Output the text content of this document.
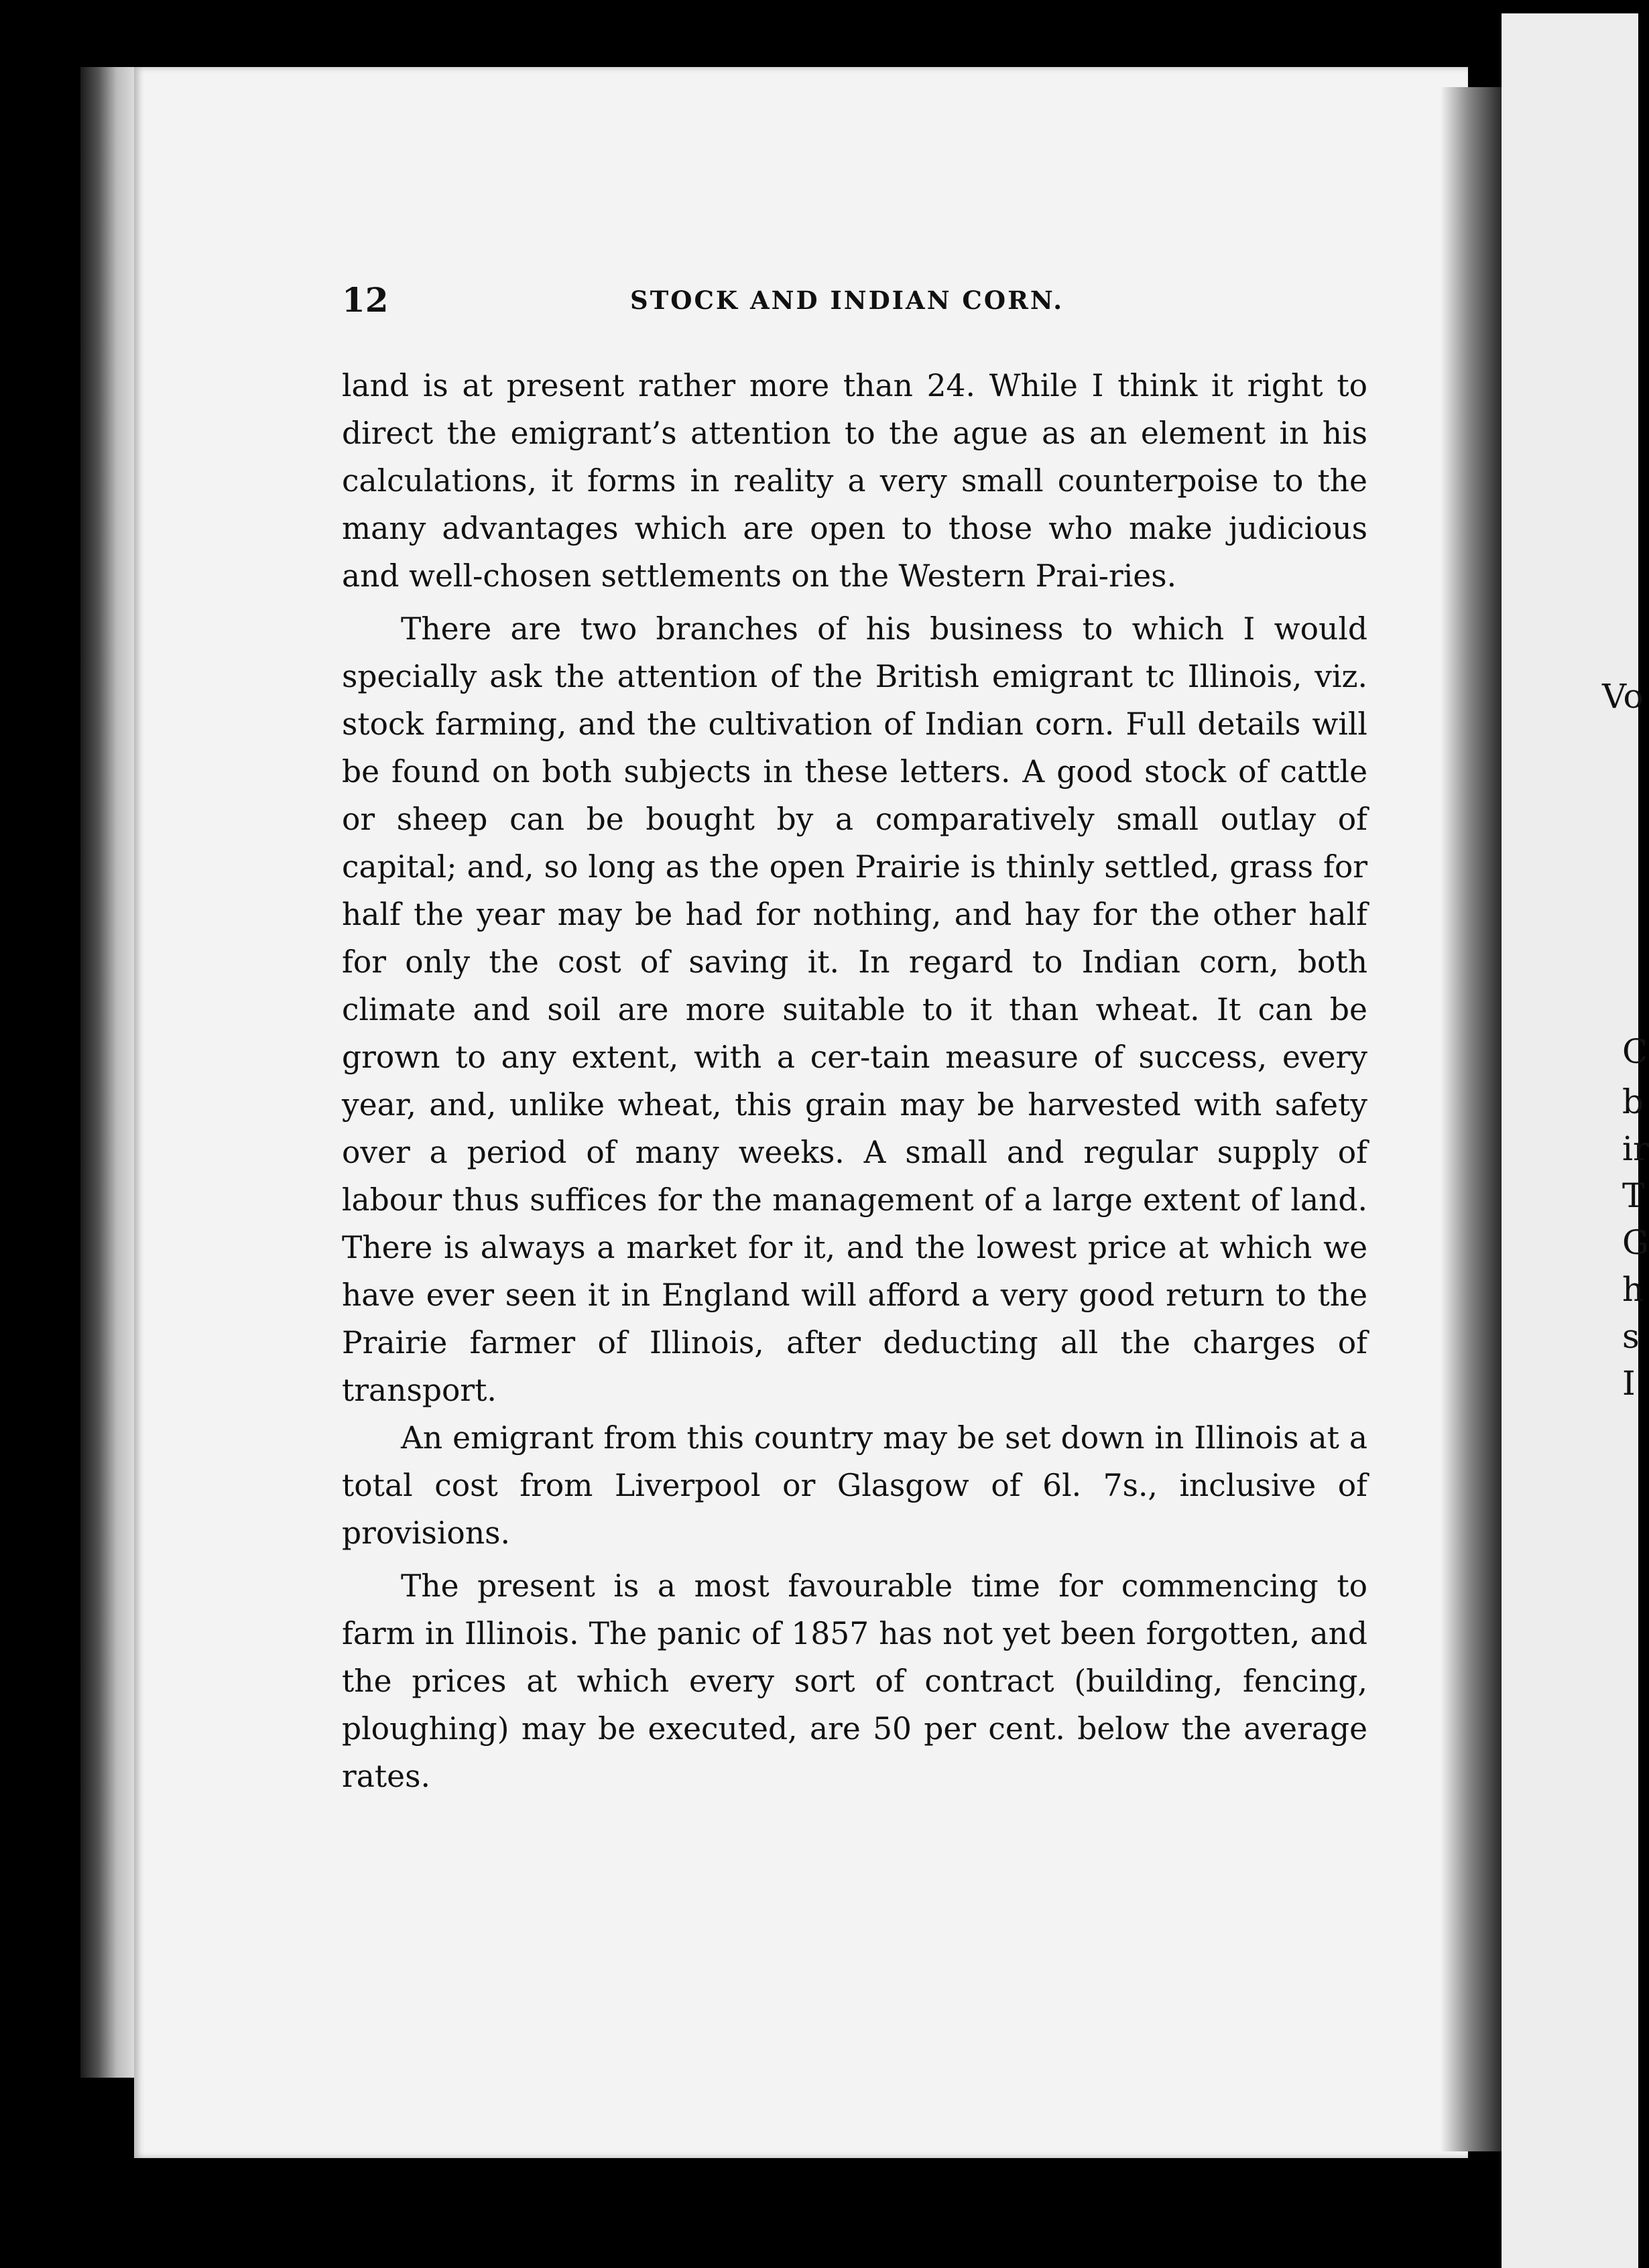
Vo
C
b
ir
T
G
h
s
I
12	STOCK AND INDIAN CORN.

land is at present rather more than 24. While I think it right to direct the emigrant’s attention to the ague as an element in his calculations, it forms in reality a very small counterpoise to the many advantages which are open to those who make judicious and well-chosen settlements on the Western Prai-ries.

There are two branches of his business to which I would specially ask the attention of the British emigrant tc Illinois, viz. stock farming, and the cultivation of Indian corn. Full details will be found on both subjects in these letters. A good stock of cattle or sheep can be bought by a comparatively small outlay of capital; and, so long as the open Prairie is thinly settled, grass for half the year may be had for nothing, and hay for the other half for only the cost of saving it. In regard to Indian corn, both climate and soil are more suitable to it than wheat. It can be grown to any extent, with a cer-tain measure of success, every year, and, unlike wheat, this grain may be harvested with safety over a period of many weeks. A small and regular supply of labour thus suffices for the management of a large extent of land. There is always a market for it, and the lowest price at which we have ever seen it in England will afford a very good return to the Prairie farmer of Illinois, after deducting all the charges of transport.

An emigrant from this country may be set down in Illinois at a total cost from Liverpool or Glasgow of 6l. 7s., inclusive of provisions.

The present is a most favourable time for commencing to farm in Illinois. The panic of 1857 has not yet been forgotten, and the prices at which every sort of contract (building, fencing, ploughing) may be executed, are 50 per cent. below the average rates.
